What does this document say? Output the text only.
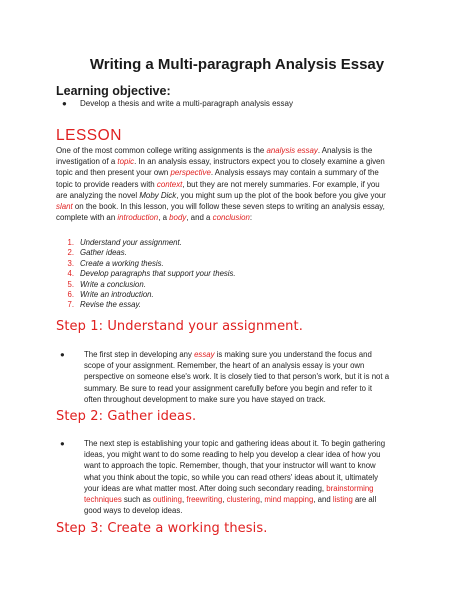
Writing a Multi-paragraph Analysis Essay
Learning objective:
● Develop a thesis and write a multi-paragraph analysis essay
LESSON
One of the most common college writing assignments is the analysis essay. Analysis is the
investigation of a topic. In an analysis essay, instructors expect you to closely examine a given
topic and then present your own perspective. Analysis essays may contain a summary of the
topic to provide readers with context, but they are not merely summaries. For example, if you
are analyzing the novel Moby Dick, you might sum up the plot of the book before you give your
slant on the book. In this lesson, you will follow these seven steps to writing an analysis essay,
complete with an introduction, a body, and a conclusion:
1. Understand your assignment.
2. Gather ideas.
3. Create a working thesis.
4. Develop paragraphs that support your thesis.
5. Write a conclusion.
6. Write an introduction.
7. Revise the essay.
Step 1: Understand your assignment.
●	The first step in developing any essay is making sure you understand the focus and
scope of your assignment. Remember, the heart of an analysis essay is your own
perspective on someone else's work. It is closely tied to that person's work, but it is not a
summary. Be sure to read your assignment carefully before you begin and refer to it
often throughout development to make sure you have stayed on track.
Step 2: Gather ideas.
●	The next step is establishing your topic and gathering ideas about it. To begin gathering
ideas, you might want to do some reading to help you develop a clear idea of how you
want to approach the topic. Remember, though, that your instructor will want to know
what you think about the topic, so while you can read others' ideas about it, ultimately
your ideas are what matter most. After doing such secondary reading, brainstorming
techniques such as outlining, freewriting, clustering, mind mapping, and listing are all
good ways to develop ideas.
Step 3: Create a working thesis.
